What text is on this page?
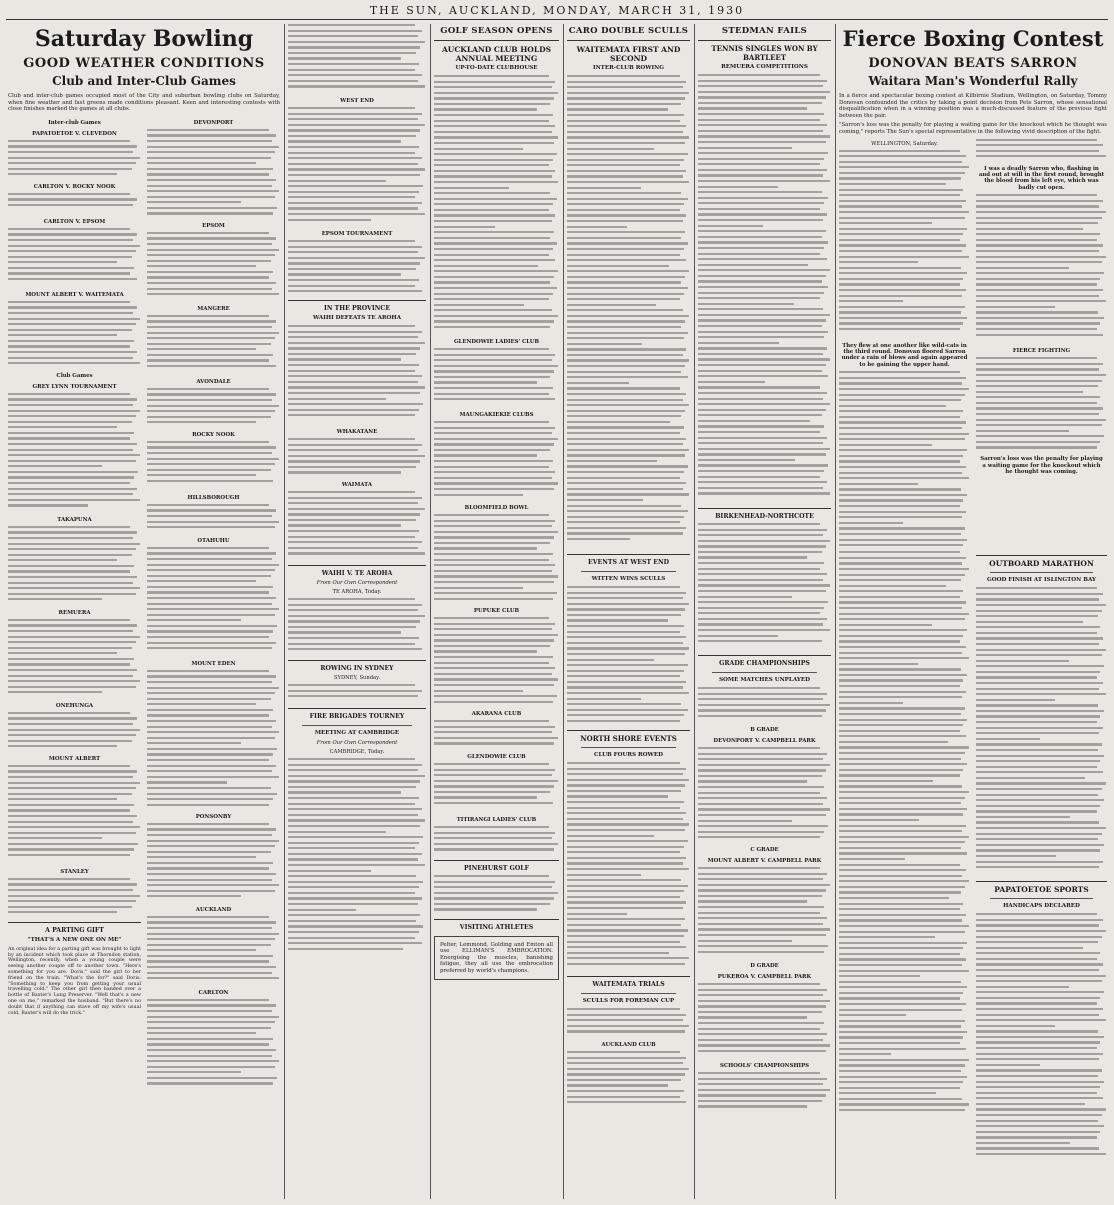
THE SUN, AUCKLAND, MONDAY, MARCH 31, 1930
Saturday Bowling
GOOD WEATHER CONDITIONS
Club and Inter-Club Games
Club and inter-club games occupied most of the City and suburban bowling clubs on Saturday, when fine weather and fast greens made conditions pleasant. Keen and interesting contests with close finishes marked the games at all clubs.
Inter-club Games
PAPATOETOE V. CLEVEDON
CARLTON V. ROCKY NOOK
CARLTON V. EPSOM
MOUNT ALBERT V. WAITEMATA
Club Games
GREY LYNN TOURNAMENT
TAKAPUNA
REMUERA
ONEHUNGA
MOUNT ALBERT
STANLEY
A PARTING GIFT
"THAT'S A NEW ONE ON ME"
An original idea for a parting gift was brought to light by an incident which took place at Thorndon station, Wellington, recently, when a young couple were seeing another couple off to another town. "Here's something for you are. Doris," said the girl to her friend on the train. "What's the for?" said Doris. "Something to keep you from getting your usual travelling cold." The other girl then handed over a bottle of Baxter's Lung Preserver. "Well that's a new one on me," remarked the husband. "But there's no doubt that if anything can stave off my wife's usual cold, Baxter's will do the trick."
DEVONPORT
EPSOM
MANGERE
AVONDALE
ROCKY NOOK
HILLSBOROUGH
OTAHUHU
MOUNT EDEN
PONSONBY
AUCKLAND
CARLTON
WEST END
EPSOM TOURNAMENT
IN THE PROVINCE
WAIHI DEFEATS TE AROHA
WHAKATANE
WAIMATA
WAIHI V. TE AROHA
From Our Own Correspondent
TE AROHA, Today.
ROWING IN SYDNEY
SYDNEY, Sunday.
FIRE BRIGADES TOURNEY
MEETING AT CAMBRIDGE
From Our Own Correspondent
CAMBRIDGE, Today.
GOLF SEASON OPENS
AUCKLAND CLUB HOLDS ANNUAL MEETING
UP-TO-DATE CLUBHOUSE
GLENDOWIE LADIES' CLUB
MAUNGAKIEKIE CLUBS
BLOOMFIELD BOWL
PUPUKE CLUB
AKARANA CLUB
GLENDOWIE CLUB
TITIRANGI LADIES' CLUB
PINEHURST GOLF
VISITING ATHLETES
Pelter, Lemmond, Golding and Emton all use ELLIMAN'S EMBROCATION. Energising the muscles, banishing fatigue, they all use the embrocation preferred by world's champions.
CARO DOUBLE SCULLS
WAITEMATA FIRST AND SECOND
INTER-CLUB ROWING
EVENTS AT WEST END
WITTEN WINS SCULLS
NORTH SHORE EVENTS
CLUB FOURS ROWED
WAITEMATA TRIALS
SCULLS FOR FOREMAN CUP
AUCKLAND CLUB
STEDMAN FAILS
TENNIS SINGLES WON BY BARTLEET
REMUERA COMPETITIONS
BIRKENHEAD-NORTHCOTE
GRADE CHAMPIONSHIPS
SOME MATCHES UNPLAYED
B GRADE
DEVONPORT V. CAMPBELL PARK
C GRADE
MOUNT ALBERT V. CAMPBELL PARK
D GRADE
PUKEROA V. CAMPBELL PARK
SCHOOLS' CHAMPIONSHIPS
Fierce Boxing Contest
DONOVAN BEATS SARRON
Waitara Man's Wonderful Rally
In a fierce and spectacular boxing contest at Kilbirnie Stadium, Wellington, on Saturday, Tommy Donovan confounded the critics by taking a point decision from Pete Sarron, whose sensational disqualification when in a winning position was a much-discussed feature of the previous fight between the pair.
"Sarron's loss was the penalty for playing a waiting game for the knockout which he thought was coming," reports The Sun's special representative in the following vivid description of the fight.
WELLINGTON, Saturday.
They flew at one another like wild-cats in the third round. Donovan floored Sarron under a rain of blows and again appeared to be gaining the upper hand.
I was a deadly Sarron who, flashing in and out at will in the first round, brought the blood from his left eye, which was badly cut open.
FIERCE FIGHTING
Sarron's loss was the penalty for playing a waiting game for the knockout which he thought was coming.
OUTBOARD MARATHON
GOOD FINISH AT ISLINGTON BAY
PAPATOETOE SPORTS
HANDICAPS DECLARED
